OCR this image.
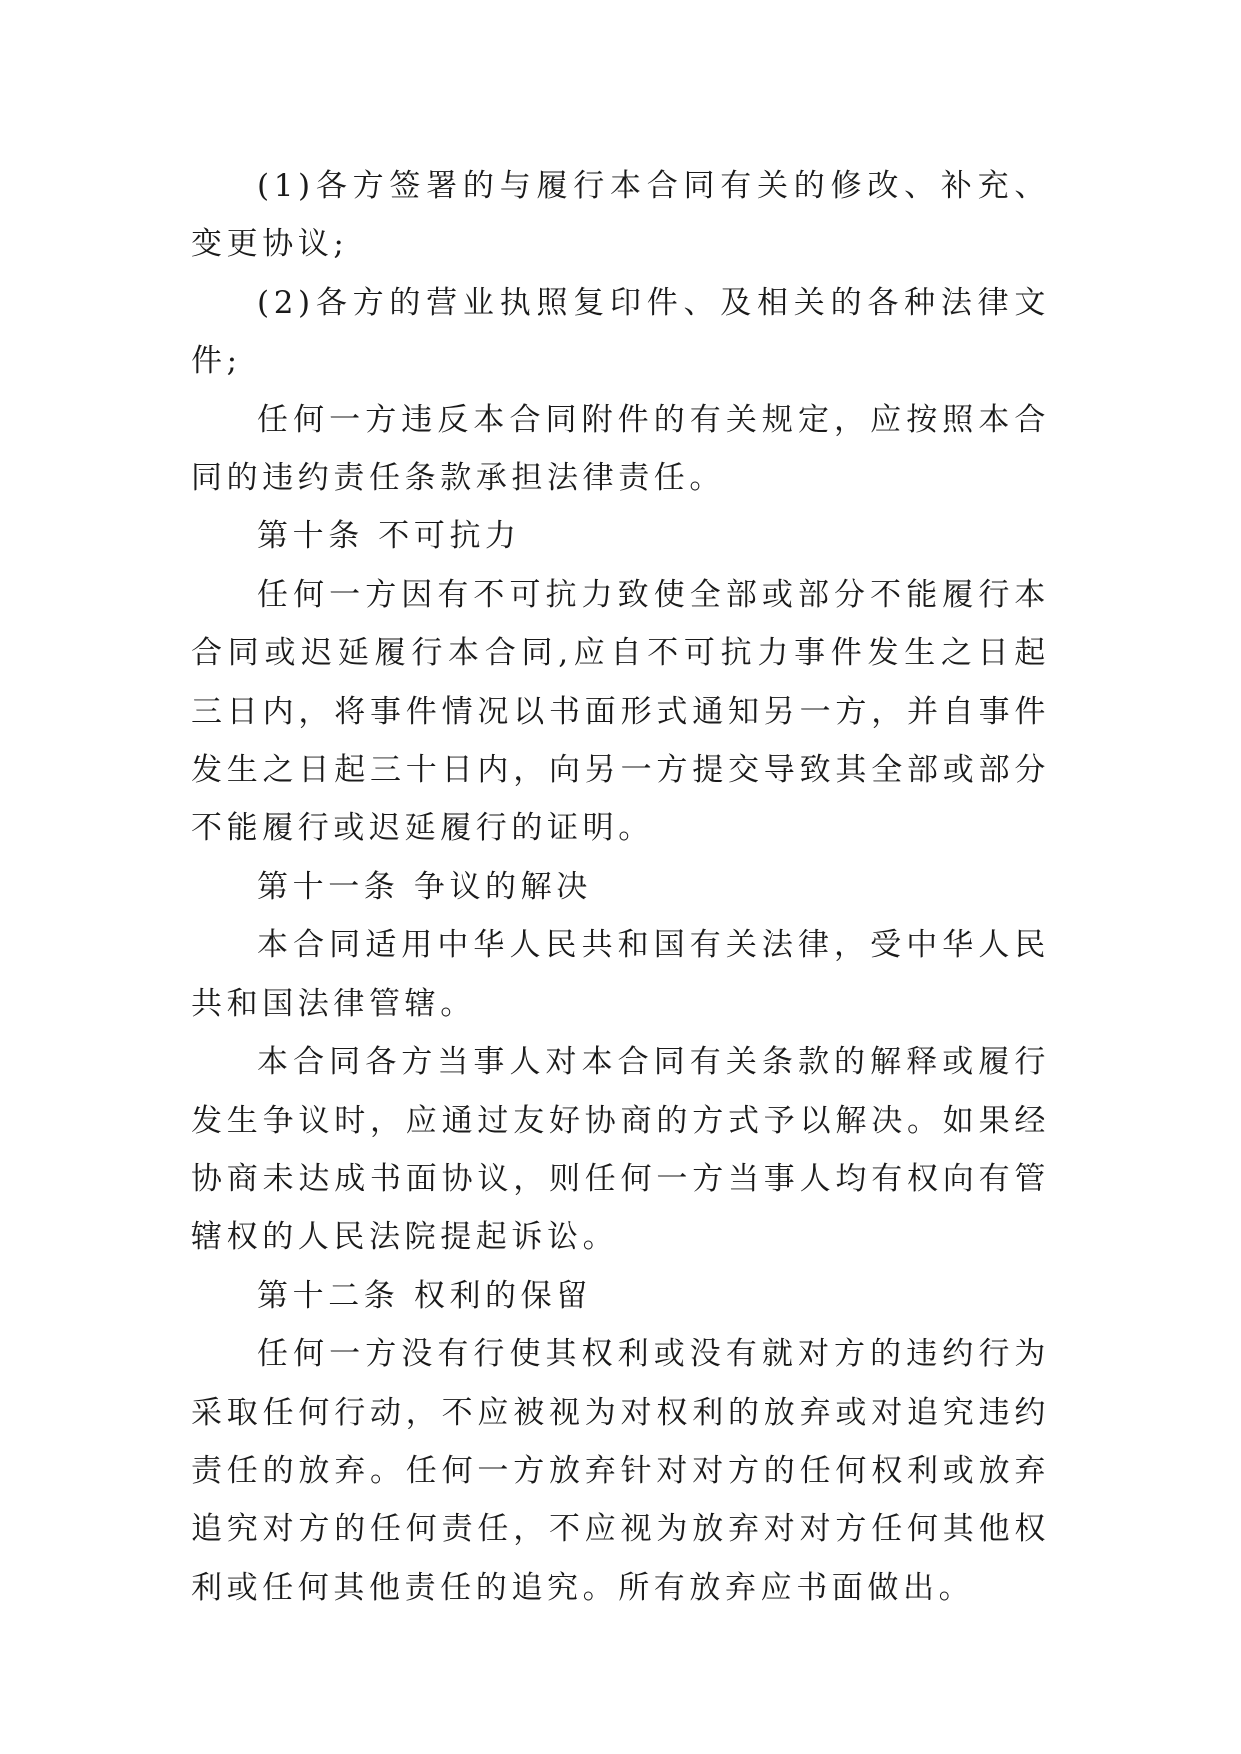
(1)各方签署的与履行本合同有关的修改、补充、变更协议;

(2)各方的营业执照复印件、及相关的各种法律文件;

任何一方违反本合同附件的有关规定，应按照本合同的违约责任条款承担法律责任。

第十条 不可抗力

任何一方因有不可抗力致使全部或部分不能履行本合同或迟延履行本合同,应自不可抗力事件发生之日起三日内，将事件情况以书面形式通知另一方，并自事件发生之日起三十日内，向另一方提交导致其全部或部分不能履行或迟延履行的证明。

第十一条 争议的解决

本合同适用中华人民共和国有关法律，受中华人民共和国法律管辖。

本合同各方当事人对本合同有关条款的解释或履行发生争议时，应通过友好协商的方式予以解决。如果经协商未达成书面协议，则任何一方当事人均有权向有管辖权的人民法院提起诉讼。

第十二条 权利的保留

任何一方没有行使其权利或没有就对方的违约行为采取任何行动，不应被视为对权利的放弃或对追究违约责任的放弃。任何一方放弃针对对方的任何权利或放弃追究对方的任何责任，不应视为放弃对对方任何其他权利或任何其他责任的追究。所有放弃应书面做出。
